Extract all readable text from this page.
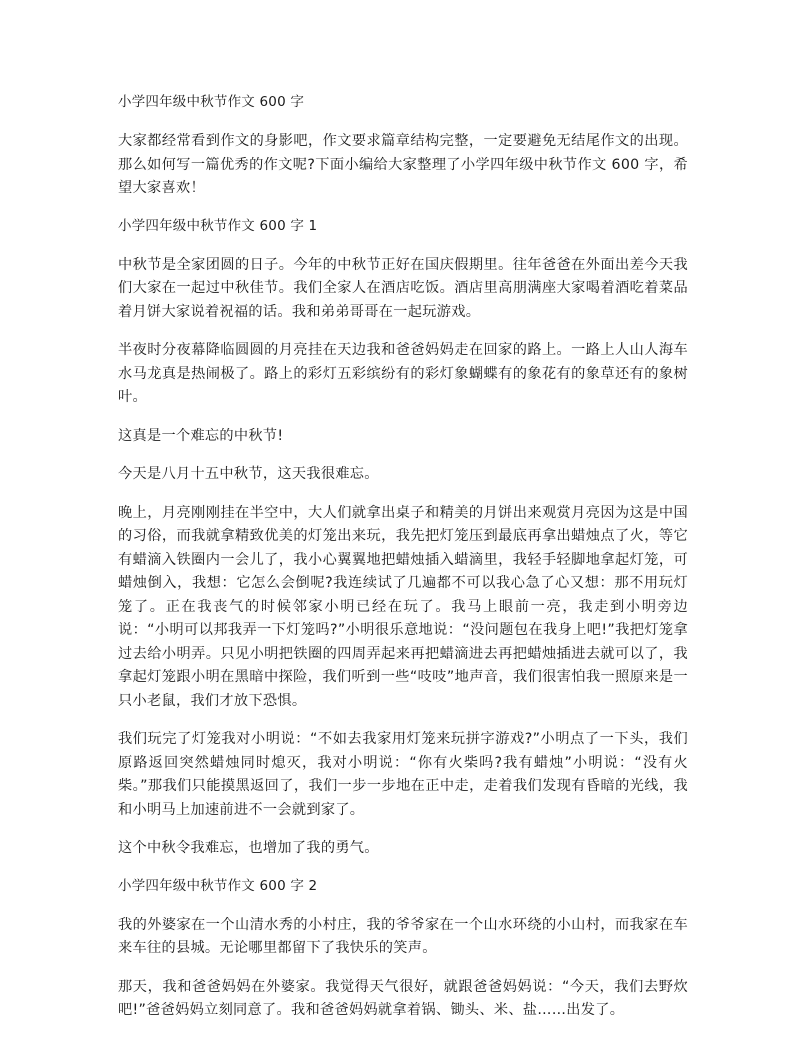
小学四年级中秋节作文 600 字
大家都经常看到作文的身影吧，作文要求篇章结构完整，一定要避免无结尾作文的出现。那么如何写一篇优秀的作文呢?下面小编给大家整理了小学四年级中秋节作文 600 字，希望大家喜欢！
小学四年级中秋节作文 600 字 1
中秋节是全家团圆的日子。今年的中秋节正好在国庆假期里。往年爸爸在外面出差今天我们大家在一起过中秋佳节。我们全家人在酒店吃饭。酒店里高朋满座大家喝着酒吃着菜品着月饼大家说着祝福的话。我和弟弟哥哥在一起玩游戏。
半夜时分夜幕降临圆圆的月亮挂在天边我和爸爸妈妈走在回家的路上。一路上人山人海车水马龙真是热闹极了。路上的彩灯五彩缤纷有的彩灯象蝴蝶有的象花有的象草还有的象树叶。
这真是一个难忘的中秋节!
今天是八月十五中秋节，这天我很难忘。
晚上，月亮刚刚挂在半空中，大人们就拿出桌子和精美的月饼出来观赏月亮因为这是中国的习俗，而我就拿精致优美的灯笼出来玩，我先把灯笼压到最底再拿出蜡烛点了火，等它有蜡滴入铁圈内一会儿了，我小心翼翼地把蜡烛插入蜡滴里，我轻手轻脚地拿起灯笼，可蜡烛倒入，我想：它怎么会倒呢?我连续试了几遍都不可以我心急了心又想：那不用玩灯笼了。正在我丧气的时候邻家小明已经在玩了。我马上眼前一亮，我走到小明旁边说：“小明可以邦我弄一下灯笼吗?”小明很乐意地说：“没问题包在我身上吧!”我把灯笼拿过去给小明弄。只见小明把铁圈的四周弄起来再把蜡滴进去再把蜡烛插进去就可以了，我拿起灯笼跟小明在黑暗中探险，我们听到一些“吱吱”地声音，我们很害怕我一照原来是一只小老鼠，我们才放下恐惧。
我们玩完了灯笼我对小明说：“不如去我家用灯笼来玩拼字游戏?”小明点了一下头，我们原路返回突然蜡烛同时熄灭，我对小明说：“你有火柴吗?我有蜡烛”小明说：“没有火柴。”那我们只能摸黑返回了，我们一步一步地在正中走，走着我们发现有昏暗的光线，我和小明马上加速前进不一会就到家了。
这个中秋令我难忘，也增加了我的勇气。
小学四年级中秋节作文 600 字 2
我的外婆家在一个山清水秀的小村庄，我的爷爷家在一个山水环绕的小山村，而我家在车来车往的县城。无论哪里都留下了我快乐的笑声。
那天，我和爸爸妈妈在外婆家。我觉得天气很好，就跟爸爸妈妈说：“今天，我们去野炊吧!”爸爸妈妈立刻同意了。我和爸爸妈妈就拿着锅、锄头、米、盐……出发了。
